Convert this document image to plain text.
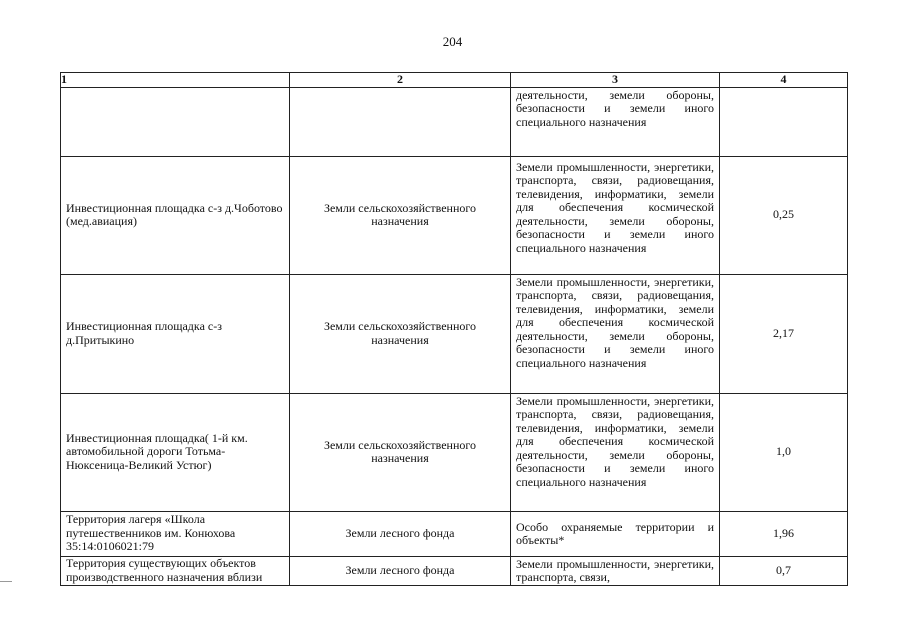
204
1	2	3	4
		деятельности, земели обороны, безопасности и земели иного специального назначения	
Инвестиционная площадка с-з д.Чоботово (мед.авиация)	Земли сельскохозяйственного назначения	Земели промышленности, энергетики, транспорта, связи, радиовещания, телевидения, информатики, земели для обеспечения космической деятельности, земели обороны, безопасности и земели иного специального назначения	0,25
Инвестиционная площадка с-з д.Притыкино	Земли сельскохозяйственного назначения	Земели промышленности, энергетики, транспорта, связи, радиовещания, телевидения, информатики, земели для обеспечения космической деятельности, земели обороны, безопасности и земели иного специального назначения	2,17
Инвестиционная площадка( 1-й км. автомобильной дороги Тотьма-Нюксеница-Великий Устюг)	Земли сельскохозяйственного назначения	Земели промышленности, энергетики, транспорта, связи, радиовещания, телевидения, информатики, земели для обеспечения космической деятельности, земели обороны, безопасности и земели иного специального назначения	1,0
Территория лагеря «Школа путешественников им. Конюхова 35:14:0106021:79	Земли лесного фонда	Особо охраняемые территории и объекты*	1,96
Территория существующих объектов производственного назначения вблизи	Земли лесного фонда	Земели промышленности, энергетики, транспорта, связи,	0,7
